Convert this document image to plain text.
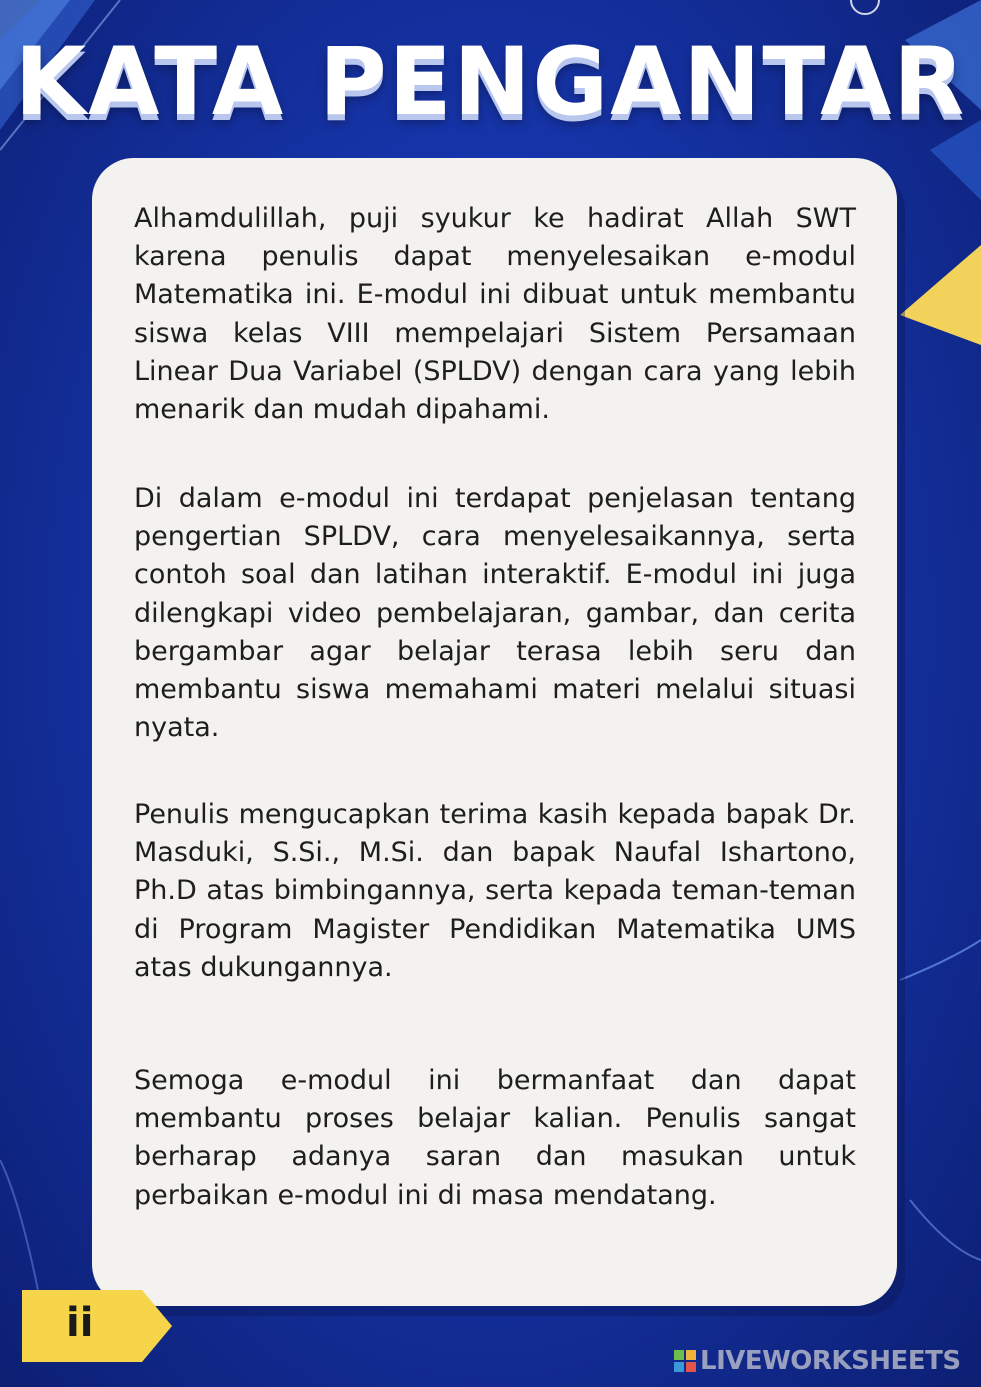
KATA PENGANTAR

Alhamdulillah, puji syukur ke hadirat Allah SWT karena penulis dapat menyelesaikan e-modul Matematika ini. E-modul ini dibuat untuk membantu siswa kelas VIII mempelajari Sistem Persamaan Linear Dua Variabel (SPLDV) dengan cara yang lebih menarik dan mudah dipahami.

Di dalam e-modul ini terdapat penjelasan tentang pengertian SPLDV, cara menyelesaikannya, serta contoh soal dan latihan interaktif. E-modul ini juga dilengkapi video pembelajaran, gambar, dan cerita bergambar agar belajar terasa lebih seru dan membantu siswa memahami materi melalui situasi nyata.

Penulis mengucapkan terima kasih kepada bapak Dr. Masduki, S.Si., M.Si. dan bapak Naufal Ishartono, Ph.D atas bimbingannya, serta kepada teman-teman di Program Magister Pendidikan Matematika UMS atas dukungannya.

Semoga e-modul ini bermanfaat dan dapat membantu proses belajar kalian. Penulis sangat berharap adanya saran dan masukan untuk perbaikan e-modul ini di masa mendatang.

ii
LIVEWORKSHEETS
